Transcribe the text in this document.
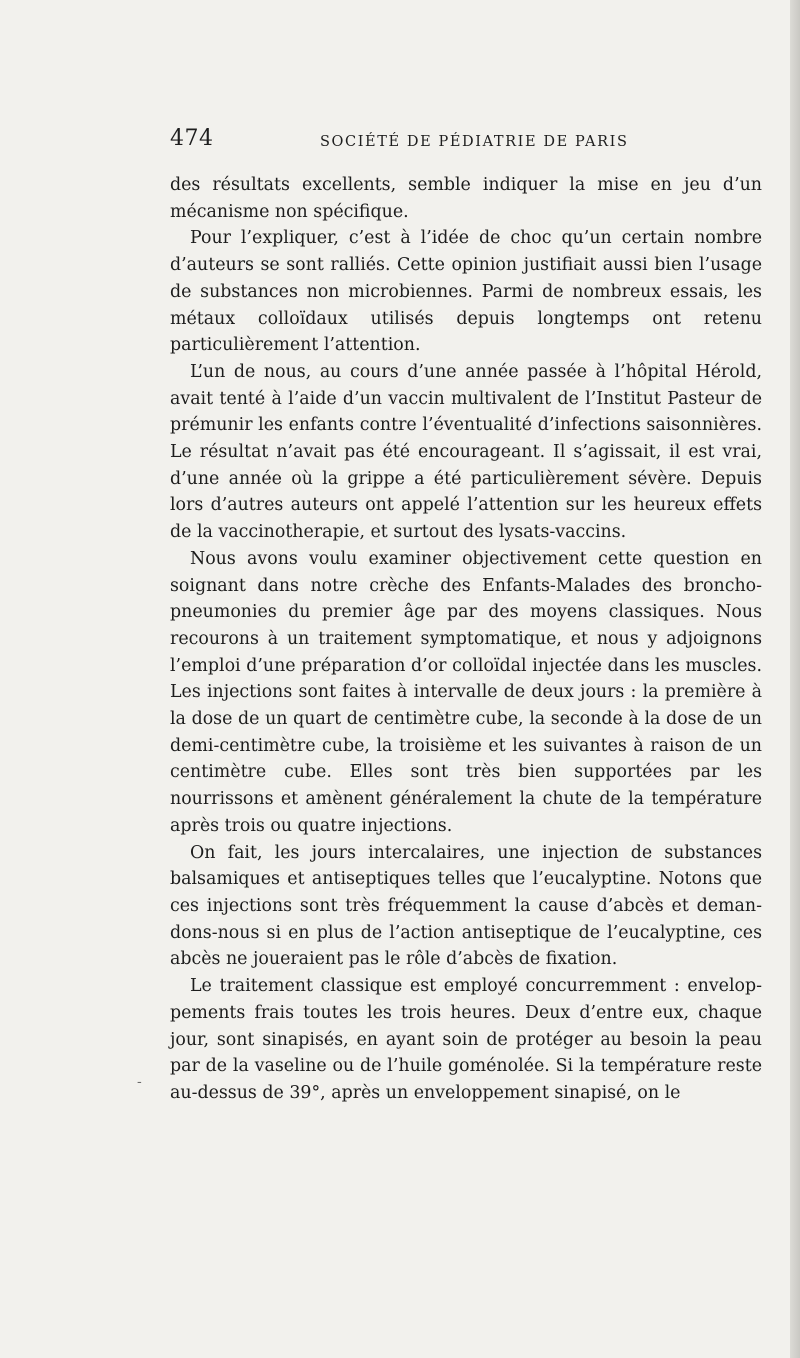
474	SOCIÉTÉ DE PÉDIATRIE DE PARIS

des résultats excellents, semble indiquer la mise en jeu d’un mécanisme non spécifique.

Pour l’expliquer, c’est à l’idée de choc qu’un certain nombre d’auteurs se sont ralliés. Cette opinion justifiait aussi bien l’usage de substances non microbiennes. Parmi de nombreux essais, les métaux colloïdaux utilisés depuis longtemps ont retenu particulièrement l’attention.

L’un de nous, au cours d’une année passée à l’hôpital Hérold, avait tenté à l’aide d’un vaccin multivalent de l’Institut Pasteur de prémunir les enfants contre l’éventualité d’infections saisonnières. Le résultat n’avait pas été encourageant. Il s’agissait, il est vrai, d’une année où la grippe a été particulièrement sévère. Depuis lors d’autres auteurs ont appelé l’attention sur les heureux effets de la vaccinotherapie, et surtout des lysats-vaccins.

Nous avons voulu examiner objectivement cette question en soignant dans notre crèche des Enfants-Malades des bronchopneumonies du premier âge par des moyens classiques. Nous recourons à un traitement symptomatique, et nous y adjoignons l’emploi d’une préparation d’or colloïdal injectée dans les muscles. Les injections sont faites à intervalle de deux jours : la première à la dose de un quart de centimètre cube, la seconde à la dose de un demi-centimètre cube, la troisième et les suivantes à raison de un centimètre cube. Elles sont très bien supportées par les nourrissons et amènent généralement la chute de la température après trois ou quatre injections.

On fait, les jours intercalaires, une injection de substances balsamiques et antiseptiques telles que l’eucalyptine. Notons que ces injections sont très fréquemment la cause d’abcès et demandons-nous si en plus de l’action antiseptique de l’eucalyptine, ces abcès ne joueraient pas le rôle d’abcès de fixation.

Le traitement classique est employé concurremment : enveloppements frais toutes les trois heures. Deux d’entre eux, chaque jour, sont sinapisés, en ayant soin de protéger au besoin la peau par de la vaseline ou de l’huile goménolée. Si la température reste au-dessus de 39°, après un enveloppement sinapisé, on le

-
